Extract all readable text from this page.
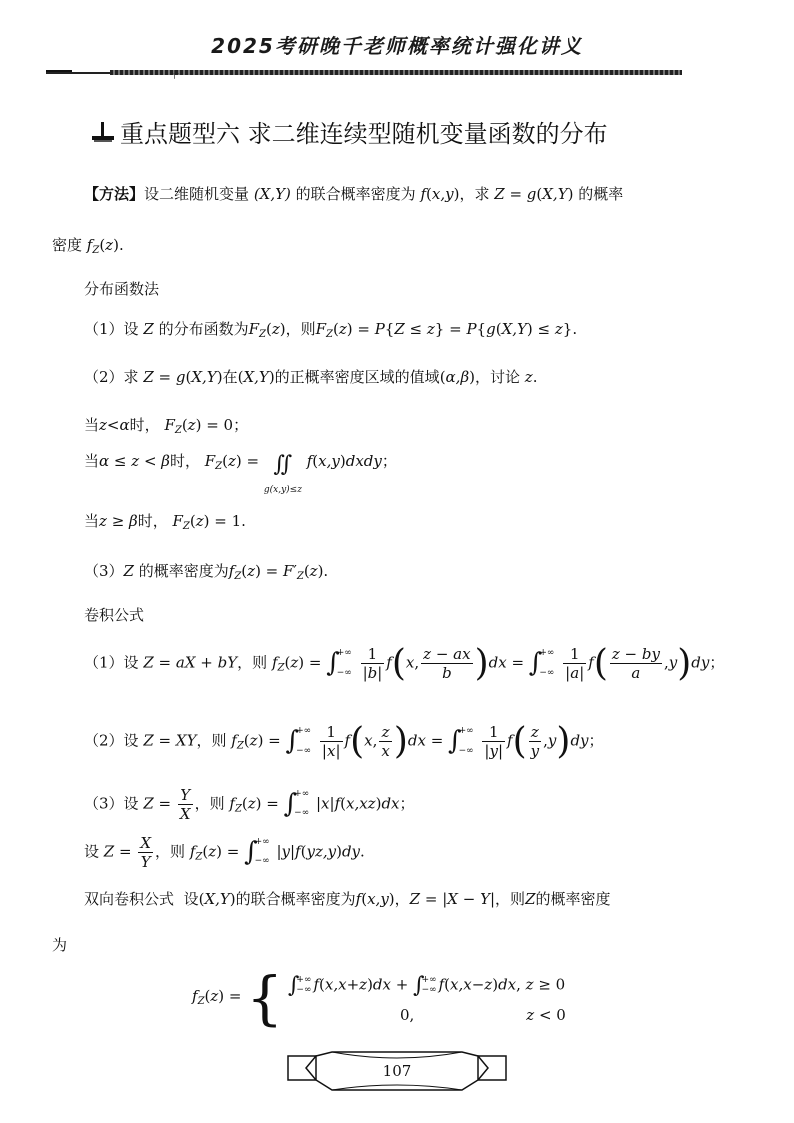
2025考研晚千老师概率统计强化讲义
十
重点题型六 求二维连续型随机变量函数的分布
【方法】设二维随机变量 (X,Y) 的联合概率密度为 f(x,y)，求 Z = g(X,Y) 的概率
密度 $f_Z(z)$.
分布函数法
（1）设 Z 的分布函数为$F_Z(z)$，则$F_Z(z) = P\{Z \le z\} = P\{g(X,Y) \le z\}$.
（2）求 Z = g(X,Y)在(X,Y)的正概率密度区域的值域(α,β)，讨论 z.
当z<α时， $F_Z(z) = 0$；
当α ≤ z < β时， $F_Z(z)$ = ∬
g(x,y)≤z f(x,y)dxdy；
当z ≥ β时， $F_Z(z) = 1$.
（3）Z 的概率密度为$f_Z(z) = F'_Z(z)$.
卷积公式
（1）设 Z = aX + bY，则 $f_Z(z)$ = ∫+∞

−∞ $\frac{1}{|b|} f(x$, $\frac{z - ax}{b} )dx$ = ∫+∞

−∞ $\frac{1}{|a|} f( \frac{z - by}{a} ,y)dy$；
（2）设 Z = XY，则 $f_Z(z)$ = ∫+∞

−∞ $\frac{1}{|x|} f(x$, $\frac{z}{x} )dx$ = ∫+∞

−∞ $\frac{1}{|y|} f( \frac{z}{y} ,y)dy$；
（3）设 $Z = \frac{Y}{X}$ ，则 $f_Z(z)$ = ∫+∞

−∞ |x|f(x,xz)dx；
设 $Z = \frac{X}{Y}$ ，则 $f_Z(z)$ = ∫+∞

−∞ |y|f(yz,y)dy.
双向卷积公式 设(X,Y)的联合概率密度为f(x,y)，Z = |X − Y|，则Z的概率密度
为
$f_Z(z)$ = { ∫+∞
−∞ f(x,x+z)dx + ∫+∞
−∞ f(x,x−z)dx, z ≥ 0
0,	z < 0
107
